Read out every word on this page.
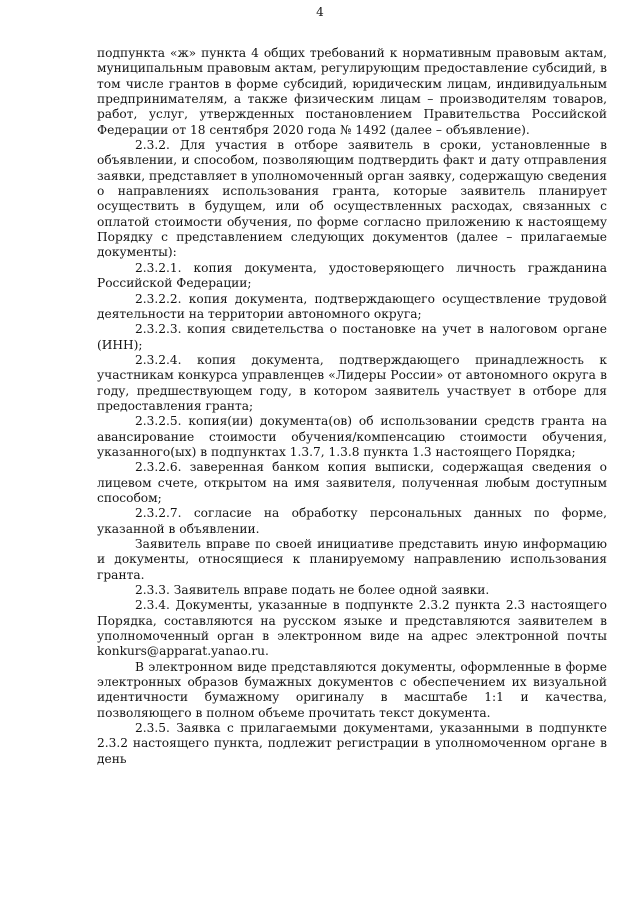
4

подпункта «ж» пункта 4 общих требований к нормативным правовым актам, муниципальным правовым актам, регулирующим предоставление субсидий, в том числе грантов в форме субсидий, юридическим лицам, индивидуальным предпринимателям, а также физическим лицам – производителям товаров, работ, услуг, утвержденных постановлением Правительства Российской Федерации от 18 сентября 2020 года № 1492 (далее – объявление).

2.3.2. Для участия в отборе заявитель в сроки, установленные в объявлении, и способом, позволяющим подтвердить факт и дату отправления заявки, представляет в уполномоченный орган заявку, содержащую сведения о направлениях использования гранта, которые заявитель планирует осуществить в будущем, или об осуществленных расходах, связанных с оплатой стоимости обучения, по форме согласно приложению к настоящему Порядку с представлением следующих документов (далее – прилагаемые документы):

2.3.2.1. копия документа, удостоверяющего личность гражданина Российской Федерации;

2.3.2.2. копия документа, подтверждающего осуществление трудовой деятельности на территории автономного округа;

2.3.2.3. копия свидетельства о постановке на учет в налоговом органе (ИНН);

2.3.2.4. копия документа, подтверждающего принадлежность к участникам конкурса управленцев «Лидеры России» от автономного округа в году, предшествующем году, в котором заявитель участвует в отборе для предоставления гранта;

2.3.2.5. копия(ии) документа(ов) об использовании средств гранта на авансирование стоимости обучения/компенсацию стоимости обучения, указанного(ых) в подпунктах 1.3.7, 1.3.8 пункта 1.3 настоящего Порядка;

2.3.2.6. заверенная банком копия выписки, содержащая сведения о лицевом счете, открытом на имя заявителя, полученная любым доступным способом;

2.3.2.7. согласие на обработку персональных данных по форме, указанной в объявлении.

Заявитель вправе по своей инициативе представить иную информацию и документы, относящиеся к планируемому направлению использования гранта.

2.3.3. Заявитель вправе подать не более одной заявки.

2.3.4. Документы, указанные в подпункте 2.3.2 пункта 2.3 настоящего Порядка, составляются на русском языке и представляются заявителем в уполномоченный орган в электронном виде на адрес электронной почты konkurs@apparat.yanao.ru.

В электронном виде представляются документы, оформленные в форме электронных образов бумажных документов с обеспечением их визуальной идентичности бумажному оригиналу в масштабе 1:1 и качества, позволяющего в полном объеме прочитать текст документа.

2.3.5. Заявка с прилагаемыми документами, указанными в подпункте 2.3.2 настоящего пункта, подлежит регистрации в уполномоченном органе в день
